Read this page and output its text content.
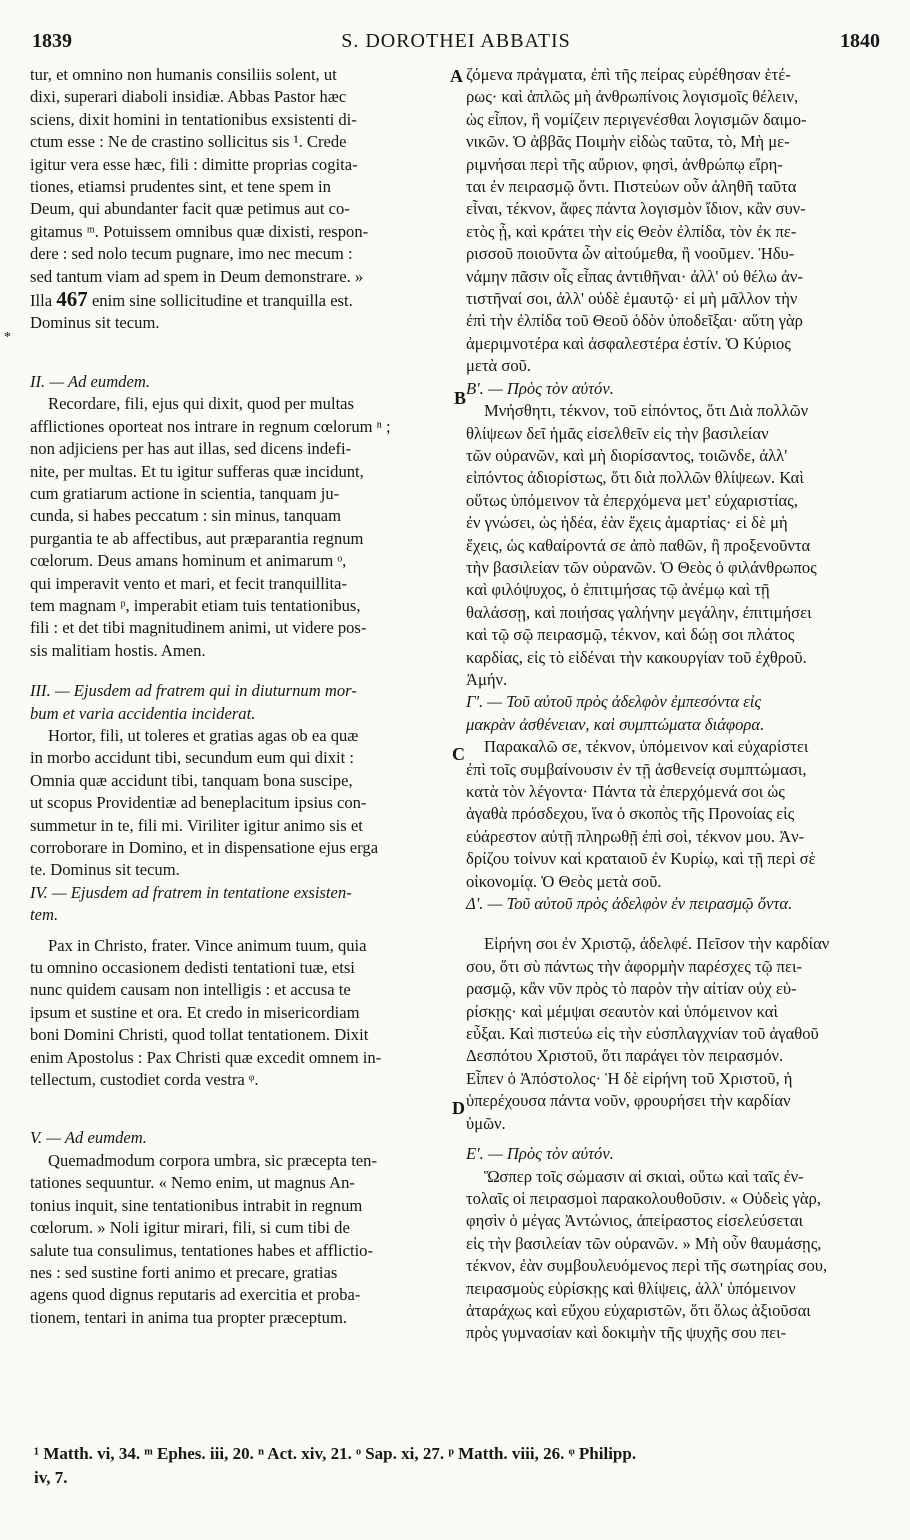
1839	S. DOROTHEI ABBATIS	1840
A
B
C
D
*

tur, et omnino non humanis consiliis solent, ut
dixi, superari diaboli insidiæ. Abbas Pastor hæc
sciens, dixit homini in tentationibus exsistenti di-
ctum esse : Ne de crastino sollicitus sis ¹. Crede
igitur vera esse hæc, fili : dimitte proprias cogita-
tiones, etiamsi prudentes sint, et tene spem in
Deum, qui abundanter facit quæ petimus aut co-
gitamus ᵐ. Potuissem omnibus quæ dixisti, respon-
dere : sed nolo tecum pugnare, imo nec mecum :
sed tantum viam ad spem in Deum demonstrare. »
Illa 467 enim sine sollicitudine et tranquilla est.
Dominus sit tecum.

II. — Ad eumdem.

Recordare, fili, ejus qui dixit, quod per multas
afflictiones oporteat nos intrare in regnum cœlorum ⁿ ;
non adjiciens per has aut illas, sed dicens indefi-
nite, per multas. Et tu igitur sufferas quæ incidunt,
cum gratiarum actione in scientia, tanquam ju-
cunda, si habes peccatum : sin minus, tanquam
purgantia te ab affectibus, aut præparantia regnum
cœlorum. Deus amans hominum et animarum ᵒ,
qui imperavit vento et mari, et fecit tranquillita-
tem magnam ᵖ, imperabit etiam tuis tentationibus,
fili : et det tibi magnitudinem animi, ut videre pos-
sis malitiam hostis. Amen.

III. — Ejusdem ad fratrem qui in diuturnum mor-
bum et varia accidentia inciderat.

Hortor, fili, ut toleres et gratias agas ob ea quæ
in morbo accidunt tibi, secundum eum qui dixit :
Omnia quæ accidunt tibi, tanquam bona suscipe,
ut scopus Providentiæ ad beneplacitum ipsius con-
summetur in te, fili mi. Viriliter igitur animo sis et
corroborare in Domino, et in dispensatione ejus erga
te. Dominus sit tecum.

IV. — Ejusdem ad fratrem in tentatione exsisten-
tem.

Pax in Christo, frater. Vince animum tuum, quia
tu omnino occasionem dedisti tentationi tuæ, etsi
nunc quidem causam non intelligis : et accusa te
ipsum et sustine et ora. Et credo in misericordiam
boni Domini Christi, quod tollat tentationem. Dixit
enim Apostolus : Pax Christi quæ excedit omnem in-
tellectum, custodiet corda vestra ᵠ.

V. — Ad eumdem.

Quemadmodum corpora umbra, sic præcepta ten-
tationes sequuntur. « Nemo enim, ut magnus An-
tonius inquit, sine tentationibus intrabit in regnum
cœlorum. » Noli igitur mirari, fili, si cum tibi de
salute tua consulimus, tentationes habes et afflictio-
nes : sed sustine forti animo et precare, gratias
agens quod dignus reputaris ad exercitia et proba-
tionem, tentari in anima tua propter præceptum.

ζόμενα πράγματα, ἐπὶ τῆς πείρας εὑρέθησαν ἑτέ-
ρως· καὶ ἁπλῶς μὴ ἀνθρωπίνοις λογισμοῖς θέλειν,
ὡς εἶπον, ἢ νομίζειν περιγενέσθαι λογισμῶν δαιμο-
νικῶν. Ὁ ἀββᾶς Ποιμὴν εἰδὼς ταῦτα, τὸ, Μὴ με-
ριμνήσαι περὶ τῆς αὔριον, φησὶ, ἀνθρώπῳ εἴρη-
ται ἐν πειρασμῷ ὄντι. Πιστεύων οὖν ἀληθῆ ταῦτα
εἶναι, τέκνον, ἄφες πάντα λογισμὸν ἴδιον, κἂν συν-
ετὸς ᾖ, καὶ κράτει τὴν εἰς Θεὸν ἐλπίδα, τὸν ἐκ πε-
ρισσοῦ ποιοῦντα ὧν αἰτούμεθα, ἢ νοοῦμεν. Ἠδυ-
νάμην πᾶσιν οἷς εἶπας ἀντιθῆναι· ἀλλ' οὐ θέλω ἀν-
τιστῆναί σοι, ἀλλ' οὐδὲ ἐμαυτῷ· εἰ μὴ μᾶλλον τὴν
ἐπὶ τὴν ἐλπίδα τοῦ Θεοῦ ὁδὸν ὑποδεῖξαι· αὕτη γὰρ
ἀμεριμνοτέρα καὶ ἀσφαλεστέρα ἐστίν. Ὁ Κύριος
μετὰ σοῦ.

Β'. — Πρὸς τὸν αὐτόν.

Μνήσθητι, τέκνον, τοῦ εἰπόντος, ὅτι Διὰ πολλῶν
θλίψεων δεῖ ἡμᾶς εἰσελθεῖν εἰς τὴν βασιλείαν
τῶν οὐρανῶν, καὶ μὴ διορίσαντος, τοιῶνδε, ἀλλ'
εἰπόντος ἀδιορίστως, ὅτι διὰ πολλῶν θλίψεων. Καὶ
οὕτως ὑπόμεινον τὰ ἐπερχόμενα μετ' εὐχαριστίας,
ἐν γνώσει, ὡς ἡδέα, ἐὰν ἔχεις ἁμαρτίας· εἰ δὲ μὴ
ἔχεις, ὡς καθαίροντά σε ἀπὸ παθῶν, ἢ προξενοῦντα
τὴν βασιλείαν τῶν οὐρανῶν. Ὁ Θεὸς ὁ φιλάνθρωπος
καὶ φιλόψυχος, ὁ ἐπιτιμήσας τῷ ἀνέμῳ καὶ τῇ
θαλάσσῃ, καὶ ποιήσας γαλήνην μεγάλην, ἐπιτιμήσει
καὶ τῷ σῷ πειρασμῷ, τέκνον, καὶ δώῃ σοι πλάτος
καρδίας, εἰς τὸ εἰδέναι τὴν κακουργίαν τοῦ ἐχθροῦ.
Ἀμήν.

Γ'. — Τοῦ αὐτοῦ πρὸς ἀδελφὸν ἐμπεσόντα εἰς
μακρὰν ἀσθένειαν, καὶ συμπτώματα διάφορα.

Παρακαλῶ σε, τέκνον, ὑπόμεινον καὶ εὐχαρίστει
ἐπὶ τοῖς συμβαίνουσιν ἐν τῇ ἀσθενείᾳ συμπτώμασι,
κατὰ τὸν λέγοντα· Πάντα τὰ ἐπερχόμενά σοι ὡς
ἀγαθὰ πρόσδεχου, ἵνα ὁ σκοπὸς τῆς Προνοίας εἰς
εὐάρεστον αὐτῇ πληρωθῇ ἐπὶ σοὶ, τέκνον μου. Ἀν-
δρίζου τοίνυν καὶ κραταιοῦ ἐν Κυρίῳ, καὶ τῇ περὶ σὲ
οἰκονομίᾳ. Ὁ Θεὸς μετὰ σοῦ.

Δ'. — Τοῦ αὐτοῦ πρὸς ἀδελφὸν ἐν πειρασμῷ ὄντα.

Εἰρήνη σοι ἐν Χριστῷ, ἀδελφέ. Πεῖσον τὴν καρδίαν
σου, ὅτι σὺ πάντως τὴν ἀφορμὴν παρέσχες τῷ πει-
ρασμῷ, κἂν νῦν πρὸς τὸ παρὸν τὴν αἰτίαν οὐχ εὑ-
ρίσκῃς· καὶ μέμψαι σεαυτὸν καὶ ὑπόμεινον καὶ
εὖξαι. Καὶ πιστεύω εἰς τὴν εὐσπλαγχνίαν τοῦ ἀγαθοῦ
Δεσπότου Χριστοῦ, ὅτι παράγει τὸν πειρασμόν.
Εἶπεν ὁ Ἀπόστολος· Ἡ δὲ εἰρήνη τοῦ Χριστοῦ, ἡ
ὑπερέχουσα πάντα νοῦν, φρουρήσει τὴν καρδίαν
ὑμῶν.

Ε'. — Πρὸς τὸν αὐτόν.

Ὥσπερ τοῖς σώμασιν αἱ σκιαὶ, οὕτω καὶ ταῖς ἐν-
τολαῖς οἱ πειρασμοὶ παρακολουθοῦσιν. « Οὐδεὶς γὰρ,
φησὶν ὁ μέγας Ἀντώνιος, ἀπείραστος εἰσελεύσεται
εἰς τὴν βασιλείαν τῶν οὐρανῶν. » Μὴ οὖν θαυμάσῃς,
τέκνον, ἐὰν συμβουλευόμενος περὶ τῆς σωτηρίας σου,
πειρασμοὺς εὑρίσκῃς καὶ θλίψεις, ἀλλ' ὑπόμεινον
ἀταράχως καὶ εὔχου εὐχαριστῶν, ὅτι ὅλως ἀξιοῦσαι
πρὸς γυμνασίαν καὶ δοκιμὴν τῆς ψυχῆς σου πει-

¹ Matth. vi, 34. ᵐ Ephes. iii, 20. ⁿ Act. xiv, 21. ᵒ Sap. xi, 27. ᵖ Matth. viii, 26. ᵠ Philipp.
iv, 7.
